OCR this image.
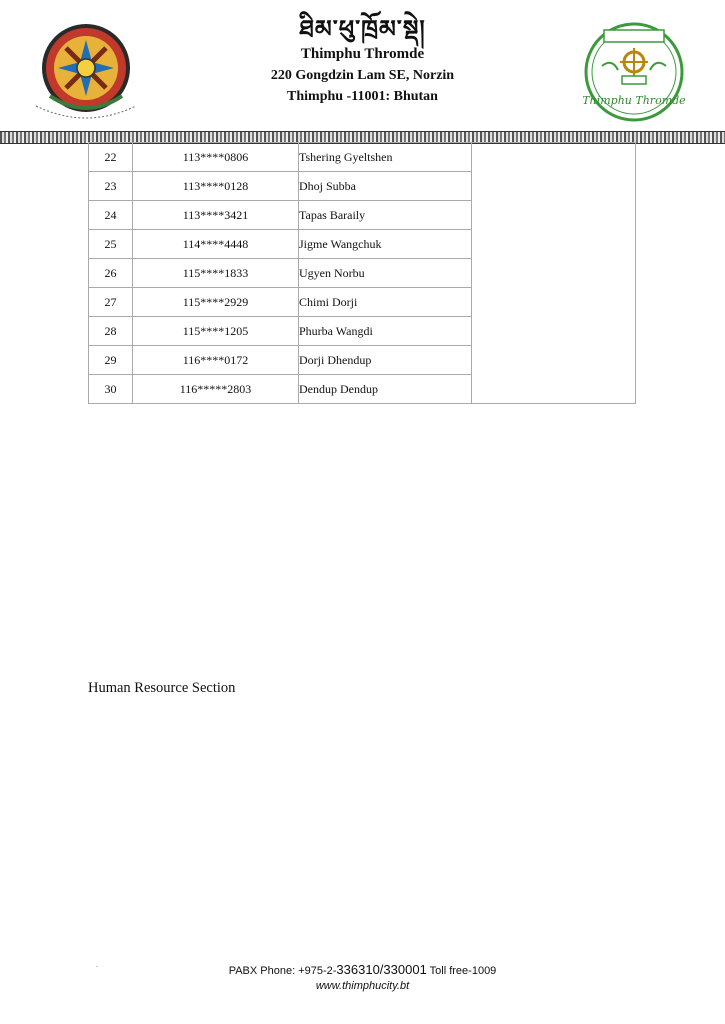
ཐིམ་ཕུ་ཁྲོམ་སྡེ།
Thimphu Thromde
220 Gongdzin Lam SE, Norzin
Thimphu -11001: Bhutan	Thimphu Thromde
22	113****0806	Tshering Gyeltshen	
23	113****0128	Dhoj Subba	
24	113****3421	Tapas Baraily	
25	114****4448	Jigme Wangchuk	
26	115****1833	Ugyen Norbu	
27	115****2929	Chimi Dorji	
28	115****1205	Phurba Wangdi	
29	116****0172	Dorji Dhendup	
30	116*****2803	Dendup Dendup	
Human Resource Section
.
PABX Phone: +975-2-336310/330001 Toll free-1009
www.thimphucity.bt
